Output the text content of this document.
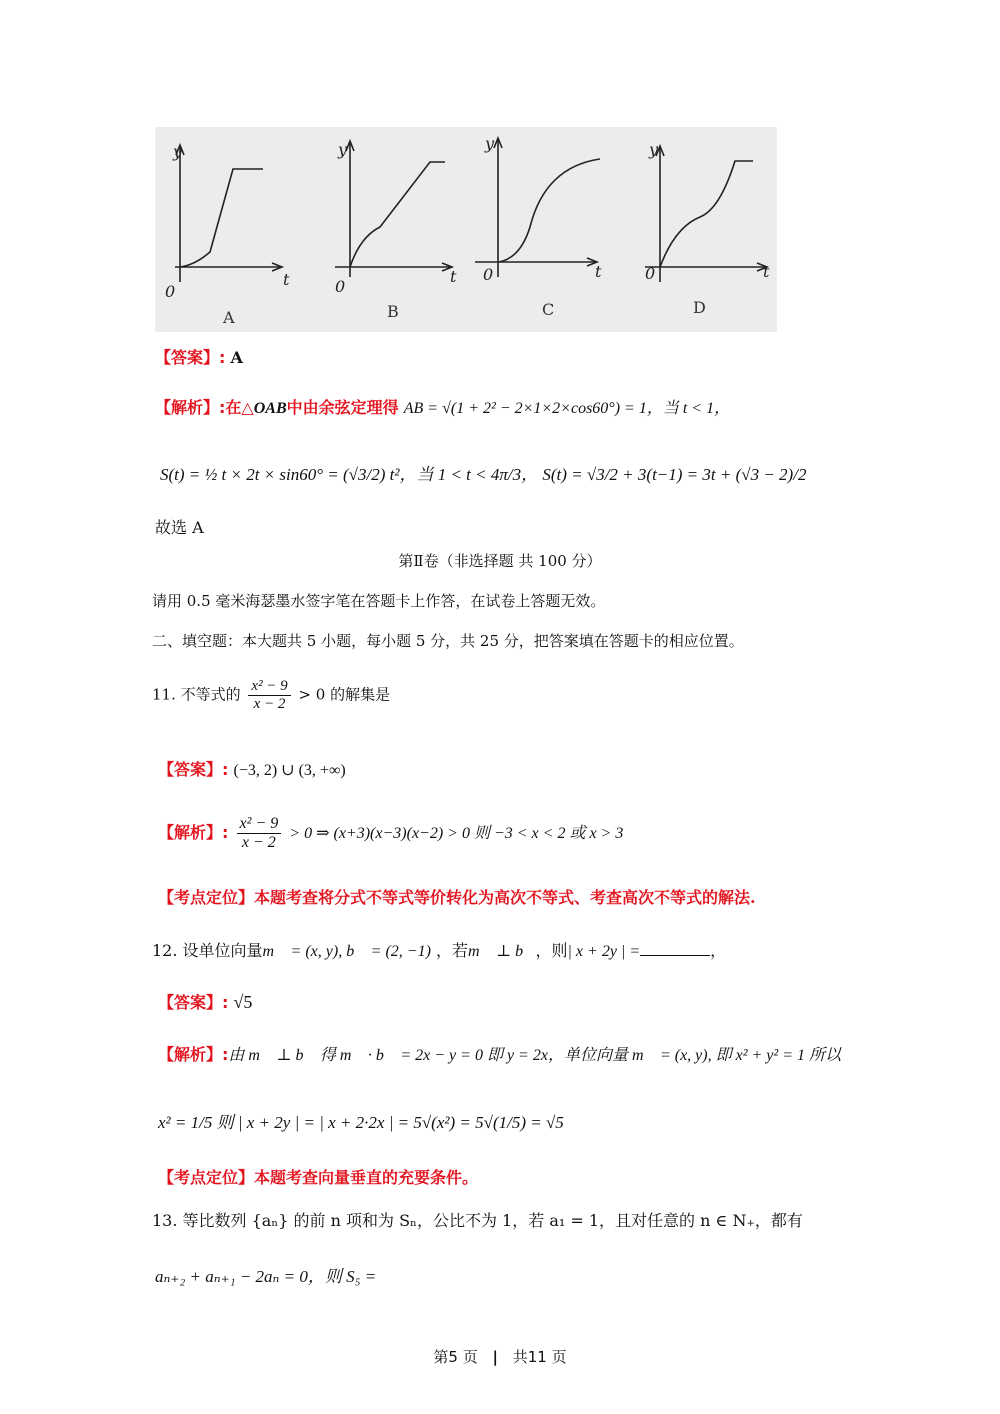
y
t
0
A
y
t
0
B
y
t
0
C
y
t
0
D
【答案】: A
【解析】:在△OAB中由余弦定理得 AB = √(1 + 2² − 2×1×2×cos60°) = 1，当 t < 1，
S(t) = ½ t × 2t × sin60° = (√3/2) t²，当 1 < t < 4π/3， S(t) = √3/2 + 3(t−1) = 3t + (√3 − 2)/2
故选 A
第Ⅱ卷（非选择题 共 100 分）
请用 0.5 毫米海瑟墨水签字笔在答题卡上作答，在试卷上答题无效。
二、填空题：本大题共 5 小题，每小题 5 分，共 25 分，把答案填在答题卡的相应位置。
11. 不等式的 $\frac{\text{x² − 9}}{x - 2} > 0$ 的解集是
【答案】: (−3, 2) ∪ (3, +∞)
【解析】: $\frac{\text{x² − 9}}{x - 2} > 0$ ⇒ (x+3)(x−3)(x−2) > 0 则 −3 < x < 2 或 x > 3
【考点定位】本题考查将分式不等式等价转化为高次不等式、考查高次不等式的解法.
12. 设单位向量m⃗ = (x, y), b⃗ = (2, −1) ，若m⃗ ⊥ b⃗，则| x + 2y | =	，
【答案】: √5
【解析】:由 m⃗ ⊥ b⃗ 得 m⃗ · b⃗ = 2x − y = 0 即 y = 2x，单位向量 m⃗ = (x, y), 即 x² + y² = 1 所以
x² = 1/5 则 | x + 2y | = | x + 2·2x | = 5√(x²) = 5√(1/5) = √5
【考点定位】本题考查向量垂直的充要条件。
13. 等比数列 {aₙ} 的前 n 项和为 Sₙ，公比不为 1，若 a₁ = 1，且对任意的 n ∈ N₊，都有
aₙ₊₂ + aₙ₊₁ − 2aₙ = 0，则 S₅ =
第5 页 | 共11 页
